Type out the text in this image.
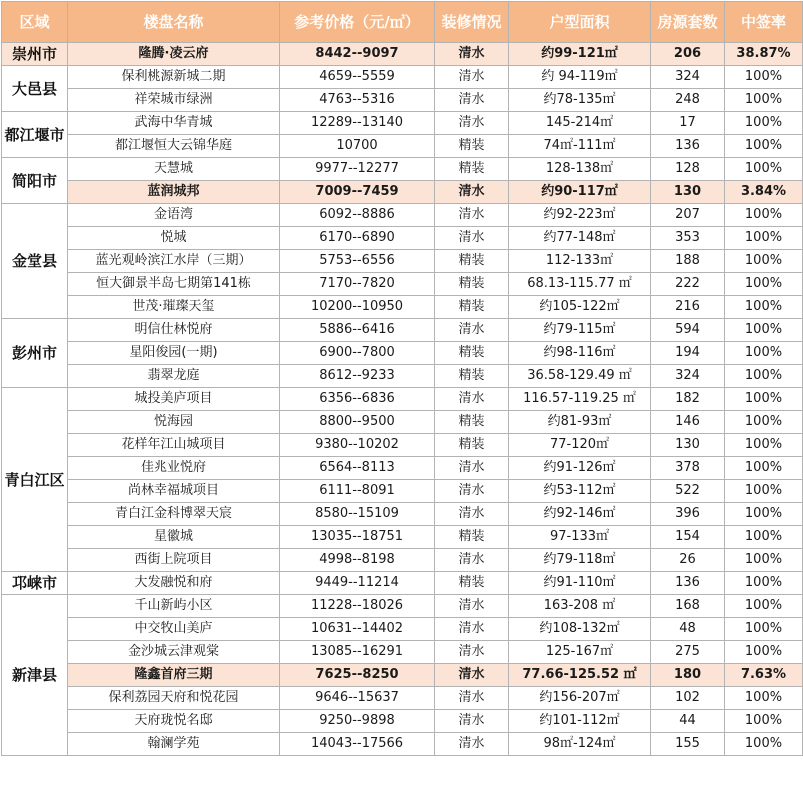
区域	楼盘名称	参考价格（元/㎡）	装修情况	户型面积	房源套数	中签率
崇州市	隆腾·凌云府	8442--9097	清水	约99-121㎡	206	38.87%
大邑县	保利桃源新城二期	4659--5559	清水	约 94-119㎡	324	100%
	祥荣城市绿洲	4763--5316	清水	约78-135㎡	248	100%
都江堰市	武海中华青城	12289--13140	清水	145-214㎡	17	100%
	都江堰恒大云锦华庭	10700	精装	74㎡-111㎡	136	100%
简阳市	天慧城	9977--12277	精装	128-138㎡	128	100%
	蓝润城邦	7009--7459	清水	约90-117㎡	130	3.84%
金堂县	金语湾	6092--8886	清水	约92-223㎡	207	100%
	悦城	6170--6890	清水	约77-148㎡	353	100%
	蓝光观岭滨江水岸（三期）	5753--6556	精装	112-133㎡	188	100%
	恒大御景半岛七期第141栋	7170--7820	精装	68.13-115.77 ㎡	222	100%
	世茂·璀璨天玺	10200--10950	精装	约105-122㎡	216	100%
彭州市	明信仕林悦府	5886--6416	清水	约79-115㎡	594	100%
	星阳俊园(一期)	6900--7800	精装	约98-116㎡	194	100%
	翡翠龙庭	8612--9233	精装	36.58-129.49 ㎡	324	100%
青白江区	城投美庐项目	6356--6836	清水	116.57-119.25 ㎡	182	100%
	悦海园	8800--9500	精装	约81-93㎡	146	100%
	花样年江山城项目	9380--10202	精装	77-120㎡	130	100%
	佳兆业悦府	6564--8113	清水	约91-126㎡	378	100%
	尚林幸福城项目	6111--8091	清水	约53-112㎡	522	100%
	青白江金科博翠天宸	8580--15109	清水	约92-146㎡	396	100%
	星徽城	13035--18751	精装	97-133㎡	154	100%
	西街上院项目	4998--8198	清水	约79-118㎡	26	100%
邛崃市	大发融悦和府	9449--11214	精装	约91-110㎡	136	100%
新津县	千山新屿小区	11228--18026	清水	163-208 ㎡	168	100%
	中交牧山美庐	10631--14402	清水	约108-132㎡	48	100%
	金沙城云津观棠	13085--16291	清水	125-167㎡	275	100%
	隆鑫首府三期	7625--8250	清水	77.66-125.52 ㎡	180	7.63%
	保利荔园天府和悦花园	9646--15637	清水	约156-207㎡	102	100%
	天府珑悦名邸	9250--9898	清水	约101-112㎡	44	100%
	翰澜学苑	14043--17566	清水	98㎡-124㎡	155	100%
